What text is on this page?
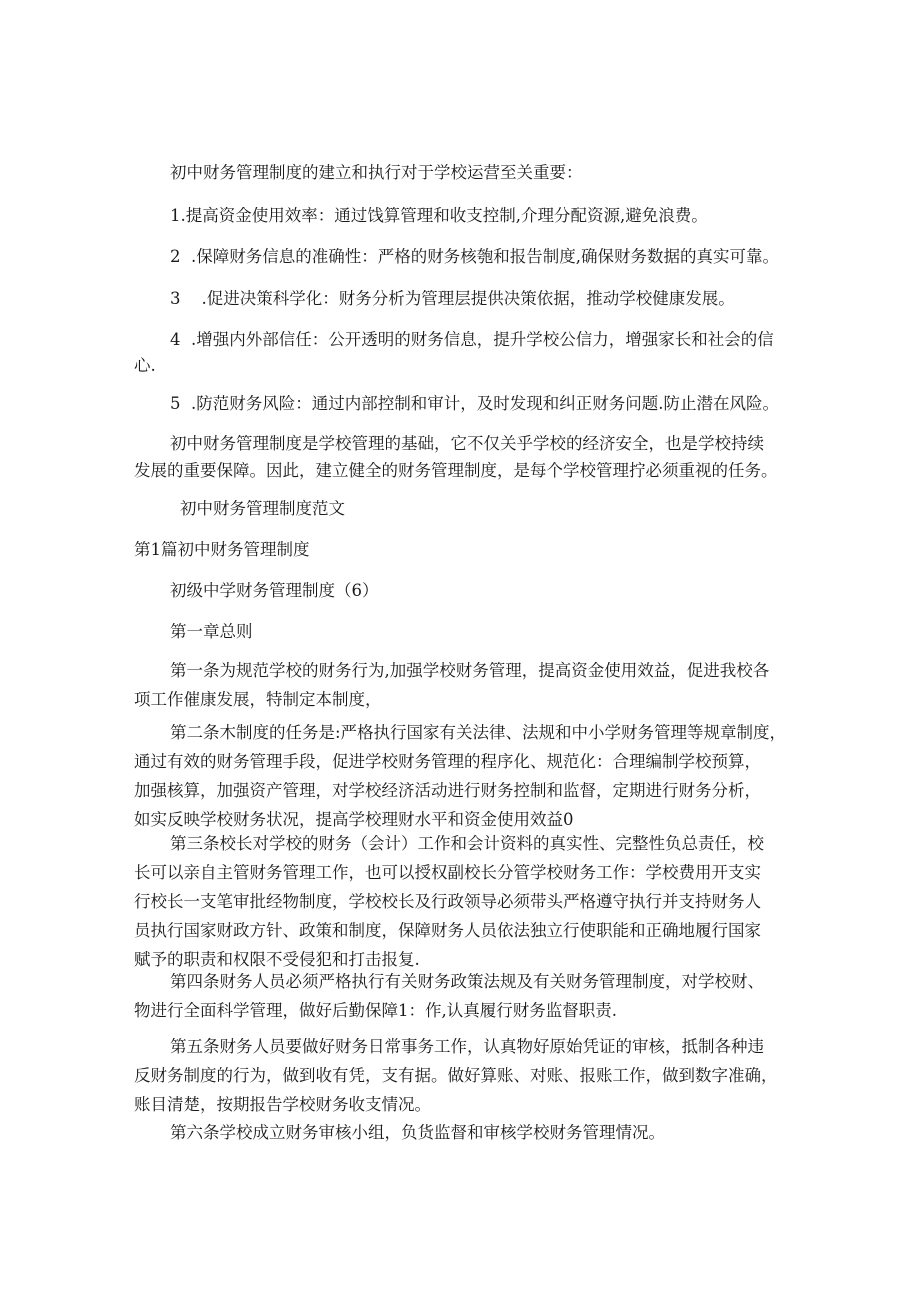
初中财务管理制度的建立和执行对于学校运营至关重要：

1.提高资金使用效率：通过饯算管理和收支控制,介理分配资源,避免浪费。

2  .保障财务信息的准确性：严格的财务核匏和报告制度,确保财务数据的真实可靠。

3    .促进决策科学化：财务分析为管理层提供决策依据，推动学校健康发展。

4  .增强内外部信任：公开透明的财务信息，提升学校公信力，增强家长和社会的信

心.

5  .防范财务风险：通过内部控制和审计，及时发现和纠正财务问题.防止潜在风险。

初中财务管理制度是学校管理的基础，它不仅关乎学校的经济安全，也是学校持续

发展的重要保障。因此，建立健全的财务管理制度，是每个学校管理拧必须重视的任务。

初中财务管理制度范文

第1篇初中财务管理制度

初级中学财务管理制度（6）

第一章总则

第一条为规范学校的财务行为,加强学校财务管理，提高资金使用效益，促进我校各
项工作催康发展，特制定本制度，
第二条木制度的任务是:严格执行国家有关法律、法规和中小学财务管理等规章制度，
通过有效的财务管理手段，促进学校财务管理的程序化、规范化：合理编制学校预算，
加强核算，加强资产管理，对学校经济活动进行财务控制和监督，定期进行财务分析，
如实反映学校财务状况，提高学校理财水平和资金使用效益0
第三条校长对学校的财务（会计）工作和会计资料的真实性、完整性负总责任，校
长可以亲自主管财务管理工作，也可以授权副校长分管学校财务工作：学校费用开支实
行校长一支笔审批经物制度，学校校长及行政领导必须带头严格遵守执行并支持财务人
员执行国家财政方针、政策和制度，保障财务人员依法独立行使职能和正确地履行国家
赋予的职责和权限不受侵犯和打击报复.
第四条财务人员必须严格执行有关财务政策法规及有关财务管理制度，对学校财、
物进行全面科学管理，做好后勤保障1：作,认真履行财务监督职责.
第五条财务人员要做好财务日常事务工作，认真物好原始凭证的审核，抵制各种违
反财务制度的行为，做到收有凭，支有据。做好算账、对账、报账工作，做到数字准确，
账目清楚，按期报告学校财务收支情况。
第六条学校成立财务审核小组，负货监督和审核学校财务管理情况。
